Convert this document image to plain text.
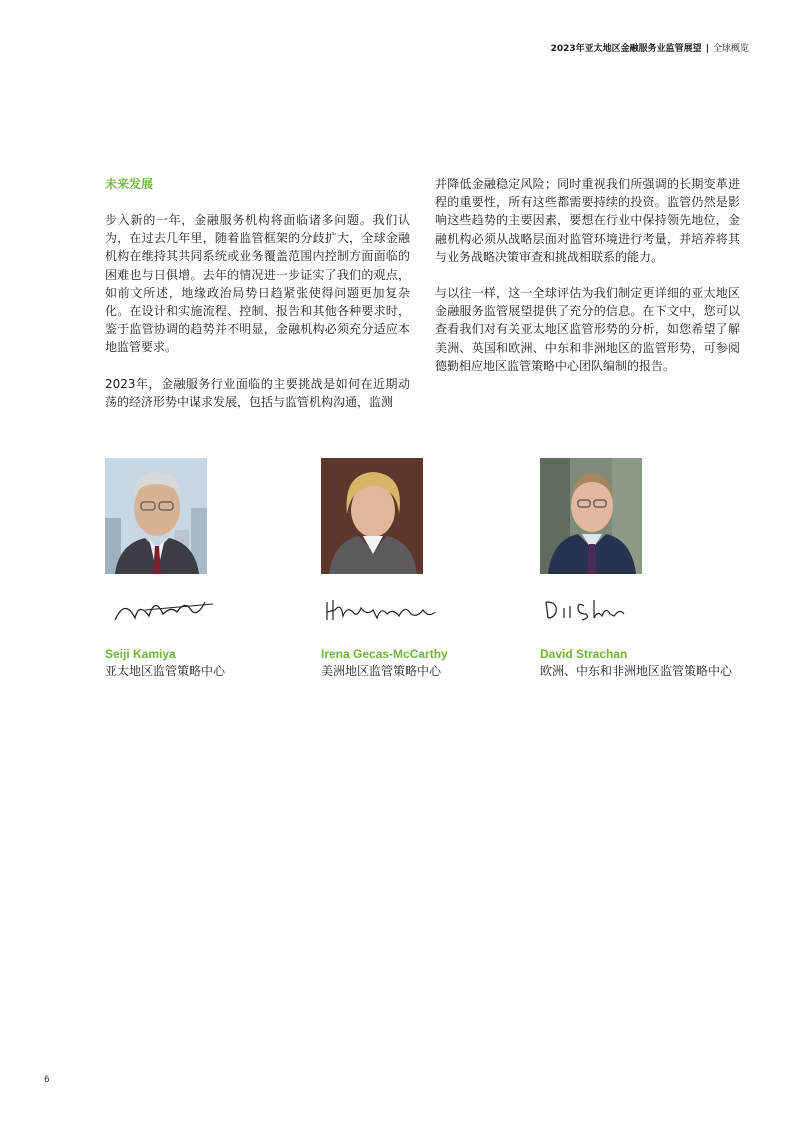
2023年亚太地区金融服务业监管展望 | 全球概览

未来发展

步入新的一年，金融服务机构将面临诸多问题。我们认为，在过去几年里，随着监管框架的分歧扩大，全球金融机构在维持其共同系统或业务覆盖范围内控制方面面临的困难也与日俱增。去年的情况进一步证实了我们的观点，如前文所述，地缘政治局势日趋紧张使得问题更加复杂化。在设计和实施流程、控制、报告和其他各种要求时，鉴于监管协调的趋势并不明显，金融机构必须充分适应本地监管要求。

2023年，金融服务行业面临的主要挑战是如何在近期动荡的经济形势中谋求发展，包括与监管机构沟通，监测

并降低金融稳定风险；同时重视我们所强调的长期变革进程的重要性，所有这些都需要持续的投资。监管仍然是影响这些趋势的主要因素，要想在行业中保持领先地位，金融机构必须从战略层面对监管环境进行考量，并培养将其与业务战略决策审查和挑战相联系的能力。

与以往一样，这一全球评估为我们制定更详细的亚太地区金融服务监管展望提供了充分的信息。在下文中，您可以查看我们对有关亚太地区监管形势的分析，如您希望了解美洲、英国和欧洲、中东和非洲地区的监管形势，可参阅德勤相应地区监管策略中心团队编制的报告。

Seiji Kamiya
亚太地区监管策略中心
Irena Gecas-McCarthy
美洲地区监管策略中心
David Strachan
欧洲、中东和非洲地区监管策略中心
6
